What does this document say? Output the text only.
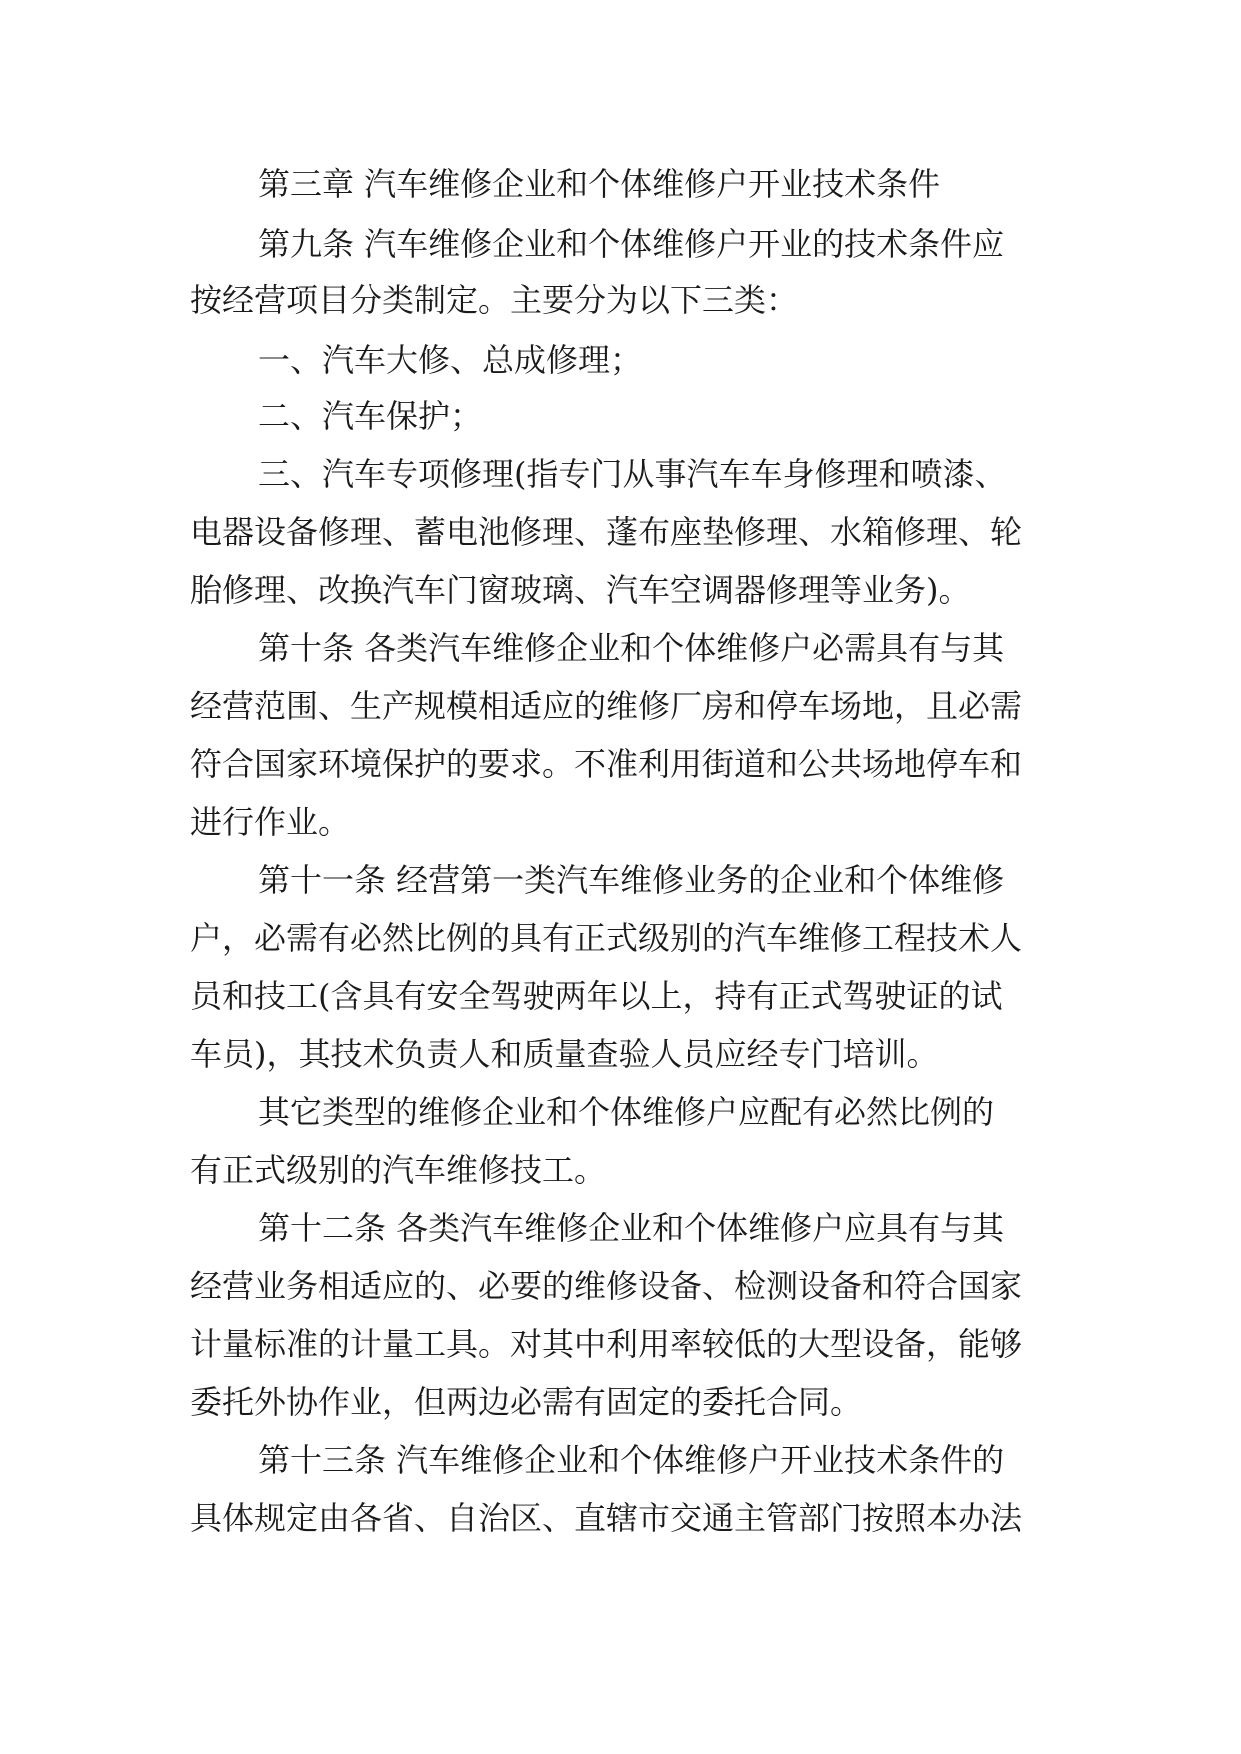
第三章 汽车维修企业和个体维修户开业技术条件
第九条 汽车维修企业和个体维修户开业的技术条件应
按经营项目分类制定。主要分为以下三类：
一、汽车大修、总成修理；
二、汽车保护；
三、汽车专项修理(指专门从事汽车车身修理和喷漆、
电器设备修理、蓄电池修理、蓬布座垫修理、水箱修理、轮
胎修理、改换汽车门窗玻璃、汽车空调器修理等业务)。
第十条 各类汽车维修企业和个体维修户必需具有与其
经营范围、生产规模相适应的维修厂房和停车场地，且必需
符合国家环境保护的要求。不准利用街道和公共场地停车和
进行作业。
第十一条 经营第一类汽车维修业务的企业和个体维修
户，必需有必然比例的具有正式级别的汽车维修工程技术人
员和技工(含具有安全驾驶两年以上，持有正式驾驶证的试
车员)，其技术负责人和质量查验人员应经专门培训。
其它类型的维修企业和个体维修户应配有必然比例的
有正式级别的汽车维修技工。
第十二条 各类汽车维修企业和个体维修户应具有与其
经营业务相适应的、必要的维修设备、检测设备和符合国家
计量标准的计量工具。对其中利用率较低的大型设备，能够
委托外协作业，但两边必需有固定的委托合同。
第十三条 汽车维修企业和个体维修户开业技术条件的
具体规定由各省、自治区、直辖市交通主管部门按照本办法
